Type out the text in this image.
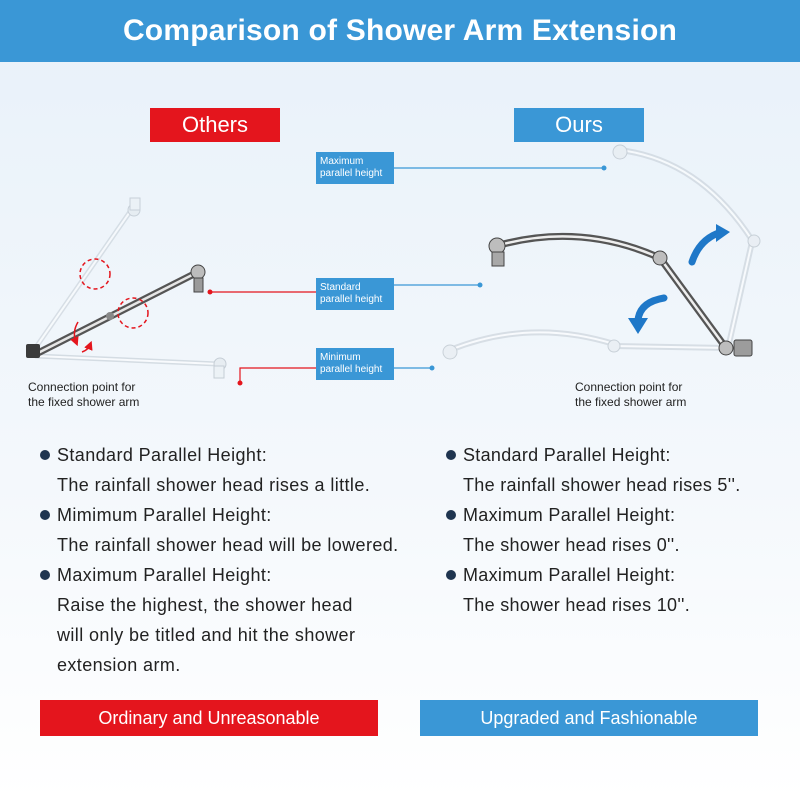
Comparison of Shower Arm Extension
Others	Ours
Maximum
parallel height
Standard
parallel height
Minimum
parallel height
Connection point for
the fixed shower arm
Connection point for
the fixed shower arm
Standard Parallel Height:
The rainfall shower head rises a little.
Mimimum Parallel Height:
The rainfall shower head will be lowered.
Maximum Parallel Height:
Raise the highest, the shower head
will only be titled and hit the shower
extension arm.
Standard Parallel Height:
The rainfall shower head rises 5''.
Maximum Parallel Height:
The shower head rises 0''.
Maximum Parallel Height:
The shower head rises 10''.
Ordinary and Unreasonable	Upgraded and Fashionable
